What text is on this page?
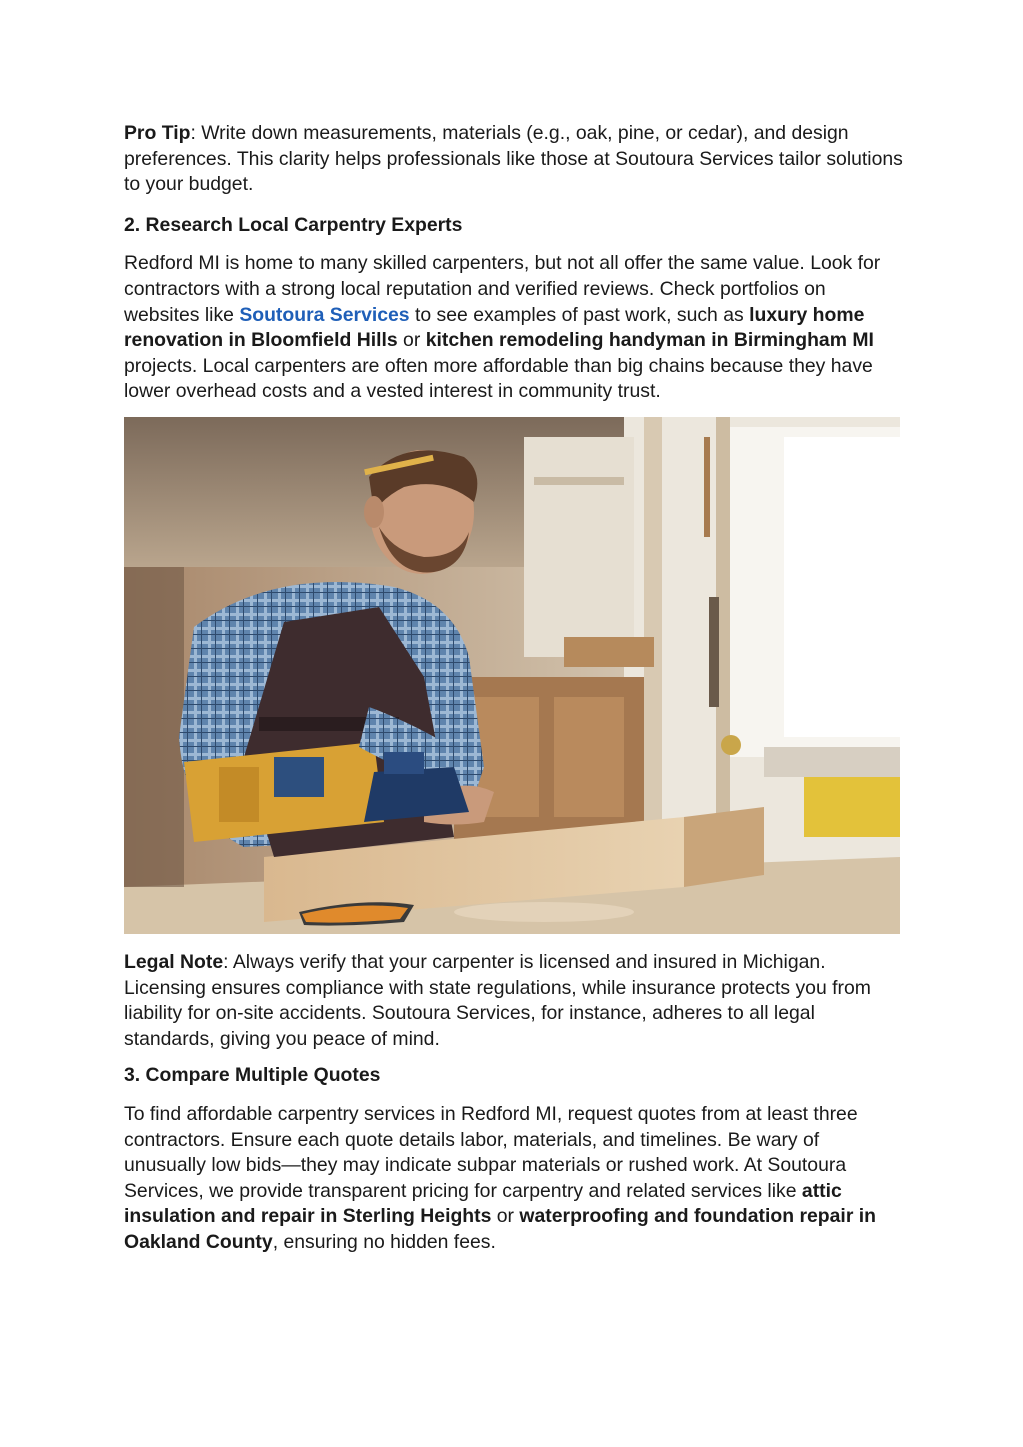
Pro Tip: Write down measurements, materials (e.g., oak, pine, or cedar), and design preferences. This clarity helps professionals like those at Soutoura Services tailor solutions to your budget.

2. Research Local Carpentry Experts

Redford MI is home to many skilled carpenters, but not all offer the same value. Look for contractors with a strong local reputation and verified reviews. Check portfolios on websites like Soutoura Services to see examples of past work, such as luxury home renovation in Bloomfield Hills or kitchen remodeling handyman in Birmingham MI projects. Local carpenters are often more affordable than big chains because they have lower overhead costs and a vested interest in community trust.

Legal Note: Always verify that your carpenter is licensed and insured in Michigan. Licensing ensures compliance with state regulations, while insurance protects you from liability for on-site accidents. Soutoura Services, for instance, adheres to all legal standards, giving you peace of mind.

3. Compare Multiple Quotes

To find affordable carpentry services in Redford MI, request quotes from at least three contractors. Ensure each quote details labor, materials, and timelines. Be wary of unusually low bids—they may indicate subpar materials or rushed work. At Soutoura Services, we provide transparent pricing for carpentry and related services like attic insulation and repair in Sterling Heights or waterproofing and foundation repair in Oakland County, ensuring no hidden fees.
